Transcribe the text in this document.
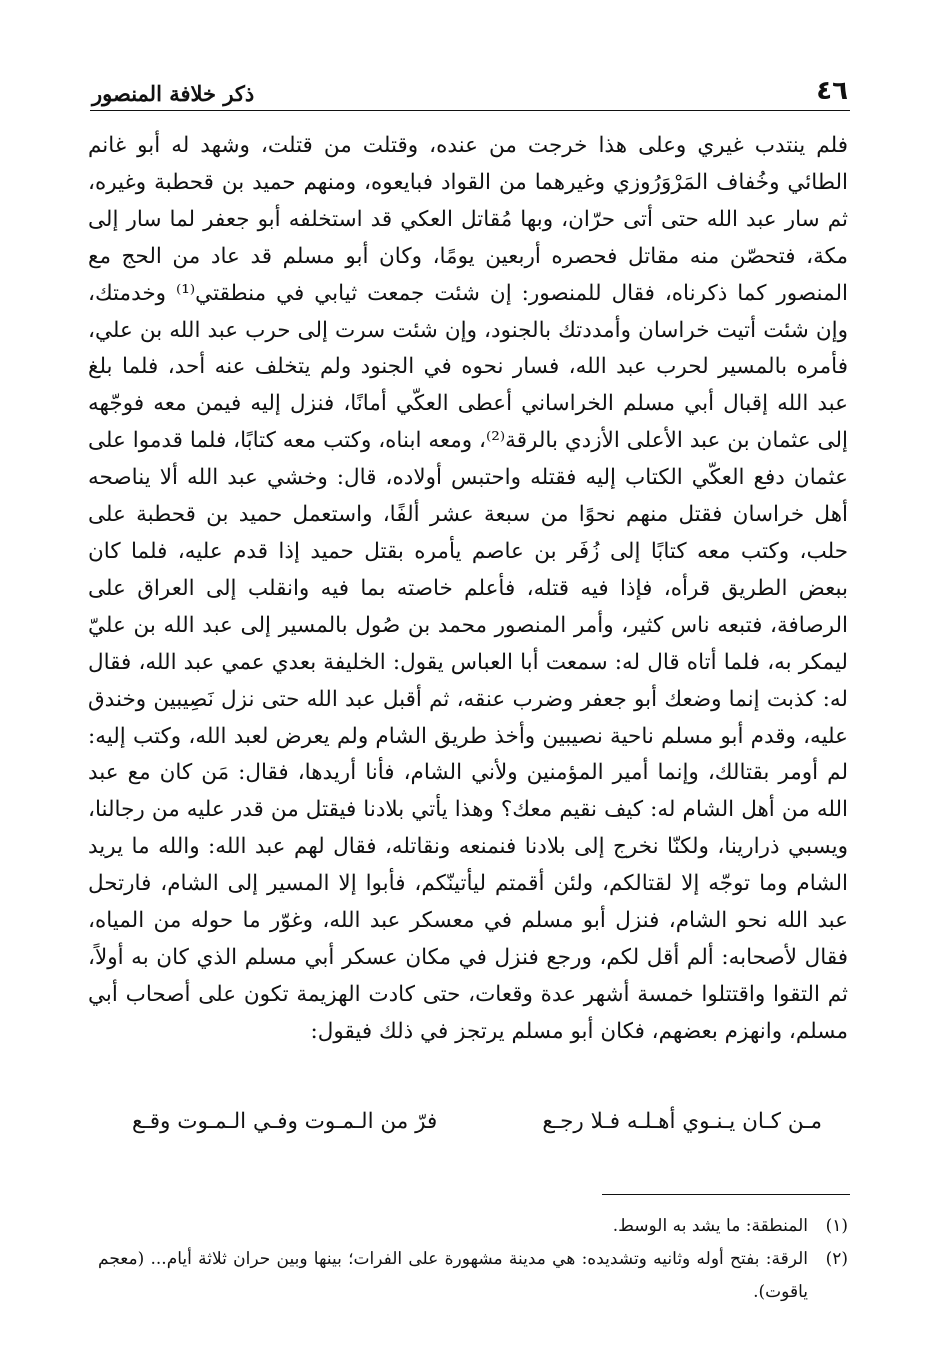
٤٦
ذكر خلافة المنصور

فلم ينتدب غيري وعلى هذا خرجت من عنده، وقتلت من قتلت، وشهد له أبو غانم الطائي وخُفاف المَرْوَرُوزي وغيرهما من القواد فبايعوه، ومنهم حميد بن قحطبة وغيره، ثم سار عبد الله حتى أتى حرّان، وبها مُقاتل العكي قد استخلفه أبو جعفر لما سار إلى مكة، فتحصّن منه مقاتل فحصره أربعين يومًا، وكان أبو مسلم قد عاد من الحج مع المنصور كما ذكرناه، فقال للمنصور: إن شئت جمعت ثيابي في منطقتي⁽¹⁾ وخدمتك، وإن شئت أتيت خراسان وأمددتك بالجنود، وإن شئت سرت إلى حرب عبد الله بن علي، فأمره بالمسير لحرب عبد الله، فسار نحوه في الجنود ولم يتخلف عنه أحد، فلما بلغ عبد الله إقبال أبي مسلم الخراساني أعطى العكّي أمانًا، فنزل إليه فيمن معه فوجّهه إلى عثمان بن عبد الأعلى الأزدي بالرقة⁽²⁾، ومعه ابناه، وكتب معه كتابًا، فلما قدموا على عثمان دفع العكّي الكتاب إليه فقتله واحتبس أولاده، قال: وخشي عبد الله ألا يناصحه أهل خراسان فقتل منهم نحوًا من سبعة عشر ألفًا، واستعمل حميد بن قحطبة على حلب، وكتب معه كتابًا إلى زُفَر بن عاصم يأمره بقتل حميد إذا قدم عليه، فلما كان ببعض الطريق قرأه، فإذا فيه قتله، فأعلم خاصته بما فيه وانقلب إلى العراق على الرصافة، فتبعه ناس كثير، وأمر المنصور محمد بن صُول بالمسير إلى عبد الله بن عليّ ليمكر به، فلما أتاه قال له: سمعت أبا العباس يقول: الخليفة بعدي عمي عبد الله، فقال له: كذبت إنما وضعك أبو جعفر وضرب عنقه، ثم أقبل عبد الله حتى نزل نَصِيبين وخندق عليه، وقدم أبو مسلم ناحية نصيبين وأخذ طريق الشام ولم يعرض لعبد الله، وكتب إليه: لم أومر بقتالك، وإنما أمير المؤمنين ولأني الشام، فأنا أريدها، فقال: مَن كان مع عبد الله من أهل الشام له: كيف نقيم معك؟ وهذا يأتي بلادنا فيقتل من قدر عليه من رجالنا، ويسبي ذرارينا، ولكنّا نخرج إلى بلادنا فنمنعه ونقاتله، فقال لهم عبد الله: والله ما يريد الشام وما توجّه إلا لقتالكم، ولئن أقمتم ليأتينّكم، فأبوا إلا المسير إلى الشام، فارتحل عبد الله نحو الشام، فنزل أبو مسلم في معسكر عبد الله، وغوّر ما حوله من المياه، فقال لأصحابه: ألم أقل لكم، ورجع فنزل في مكان عسكر أبي مسلم الذي كان به أولاً، ثم التقوا واقتتلوا خمسة أشهر عدة وقعات، حتى كادت الهزيمة تكون على أصحاب أبي مسلم، وانهزم بعضهم، فكان أبو مسلم يرتجز في ذلك فيقول:

مـن كـان يـنـوي أهـلـه فـلا رجـع
فرّ من الـمـوت وفـي الـمـوت وقـع
(١)
المنطقة: ما يشد به الوسط.
(٢)
الرقة: بفتح أوله وثانيه وتشديده: هي مدينة مشهورة على الفرات؛ بينها وبين حران ثلاثة أيام... (معجم ياقوت).
